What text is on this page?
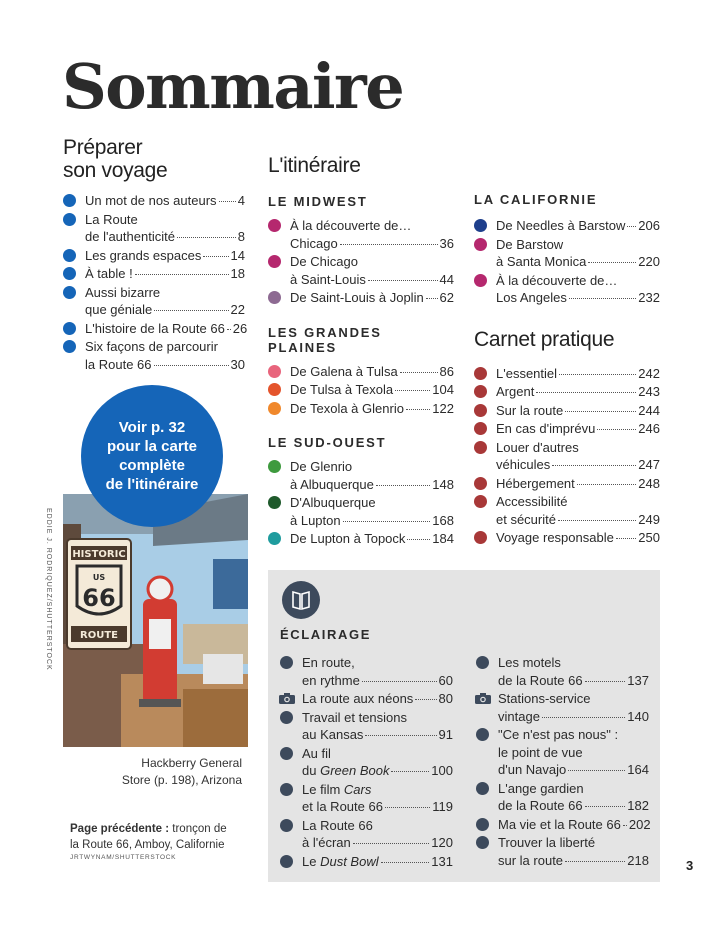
Sommaire
Préparer
son voyage
Un mot de nos auteurs 4
La Route
de l'authenticité	8
Les grands espaces 14
À table !	18
Aussi bizarre
que géniale	22
L'histoire de la Route 66 26
Six façons de parcourir
la Route 66	30
Voir p. 32
pour la carte
complète
de l'itinéraire
EDDIE J. RODRIQUEZ/SHUTTERSTOCK HISTORIC
US
66
ROUTE
Hackberry General
Store (p. 198), Arizona
Page précédente : tronçon de
la Route 66, Amboy, Californie
JRTWYNAM/SHUTTERSTOCK
L'itinéraire
LE MIDWEST
À la découverte de…
Chicago	36
De Chicago
à Saint-Louis	44
De Saint-Louis à Joplin 62
LES GRANDES PLAINES
De Galena à Tulsa	86
De Tulsa à Texola	104
De Texola à Glenrio 122
LE SUD-OUEST
De Glenrio
à Albuquerque	148
D'Albuquerque
à Lupton	168
De Lupton à Topock 184
LA CALIFORNIE
De Needles à Barstow 206
De Barstow
à Santa Monica	220
À la découverte de…
Los Angeles	232
Carnet pratique
L'essentiel	242
Argent	243
Sur la route	244
En cas d'imprévu	246
Louer d'autres
véhicules	247
Hébergement	248
Accessibilité
et sécurité	249
Voyage responsable 250
ÉCLAIRAGE
En route,
en rythme	60
La route aux néons 80
Travail et tensions
au Kansas	91
Au fil
du Green Book	100
Le film Cars
et la Route 66	119
La Route 66
à l'écran	120
Le Dust Bowl	131
Les motels
de la Route 66	137
Stations-service
vintage	140
"Ce n'est pas nous" :
le point de vue
d'un Navajo	164
L'ange gardien
de la Route 66	182
Ma vie et la Route 66 202
Trouver la liberté
sur la route	218	3
